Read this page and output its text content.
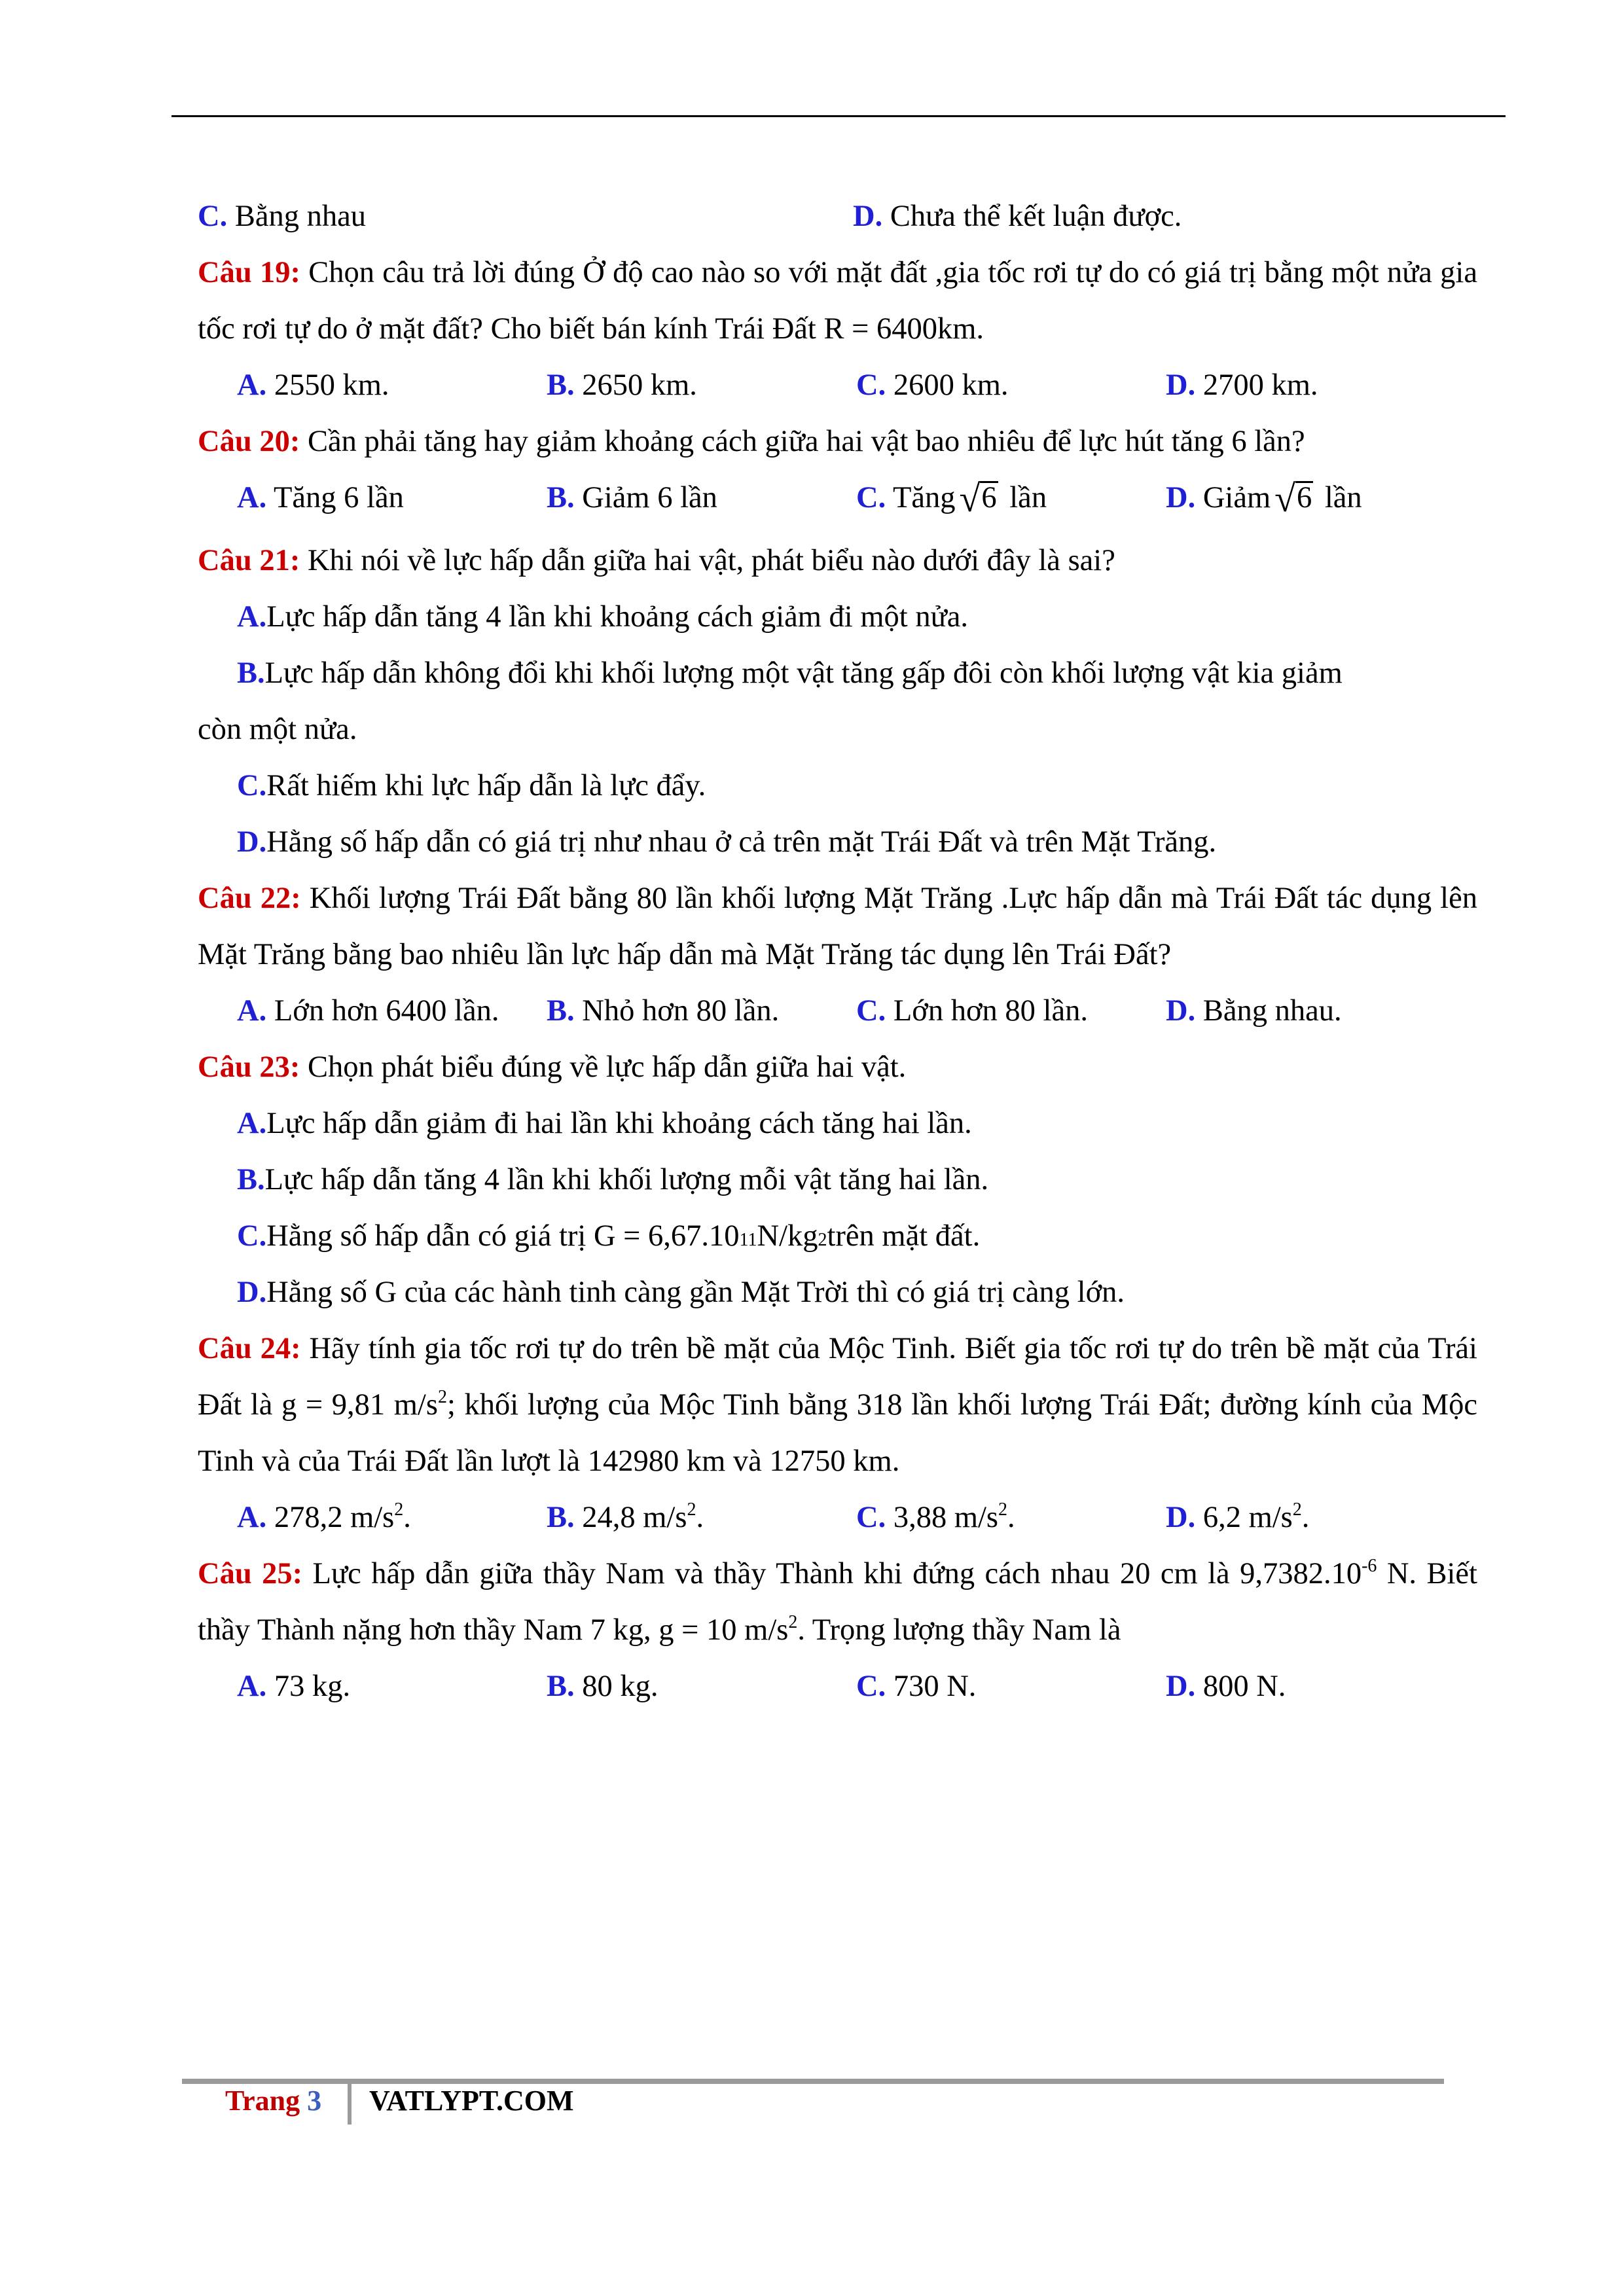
C. Bằng nhau	D. Chưa thể kết luận được.
Câu 19: Chọn câu trả lời đúng Ở độ cao nào so với mặt đất ,gia tốc rơi tự do có giá trị bằng một nửa gia tốc rơi tự do ở mặt đất? Cho biết bán kính Trái Đất R = 6400km.
A. 2550 km.	B. 2650 km.	C. 2600 km.	D. 2700 km.
Câu 20: Cần phải tăng hay giảm khoảng cách giữa hai vật bao nhiêu để lực hút tăng 6 lần?
A. Tăng 6 lần	B. Giảm 6 lần	C. Tăng √6 lần	D. Giảm √6 lần
Câu 21: Khi nói về lực hấp dẫn giữa hai vật, phát biểu nào dưới đây là sai?
A. Lực hấp dẫn tăng 4 lần khi khoảng cách giảm đi một nửa.
B. Lực hấp dẫn không đổi khi khối lượng một vật tăng gấp đôi còn khối lượng vật kia giảm
còn một nửa.
C. Rất hiếm khi lực hấp dẫn là lực đẩy.
D. Hằng số hấp dẫn có giá trị như nhau ở cả trên mặt Trái Đất và trên Mặt Trăng.
Câu 22: Khối lượng Trái Đất bằng 80 lần khối lượng Mặt Trăng .Lực hấp dẫn mà Trái Đất tác dụng lên Mặt Trăng bằng bao nhiêu lần lực hấp dẫn mà Mặt Trăng tác dụng lên Trái Đất?
A. Lớn hơn 6400 lần.	B. Nhỏ hơn 80 lần.	C. Lớn hơn 80 lần.	D. Bằng nhau.
Câu 23: Chọn phát biểu đúng về lực hấp dẫn giữa hai vật.
A. Lực hấp dẫn giảm đi hai lần khi khoảng cách tăng hai lần.
B. Lực hấp dẫn tăng 4 lần khi khối lượng mỗi vật tăng hai lần.
C. Hằng số hấp dẫn có giá trị G = 6,67.10 11 N/kg 2 trên mặt đất.
D. Hằng số G của các hành tinh càng gần Mặt Trời thì có giá trị càng lớn.
Câu 24: Hãy tính gia tốc rơi tự do trên bề mặt của Mộc Tinh. Biết gia tốc rơi tự do trên bề mặt của Trái Đất là g = 9,81 $m/s^2$; khối lượng của Mộc Tinh bằng 318 lần khối lượng Trái Đất; đường kính của Mộc Tinh và của Trái Đất lần lượt là 142980 km và 12750 km.
A. 278,2 $m/s^2$.	B. 24,8 $m/s^2$.	C. 3,88 $m/s^2$.	D. 6,2 $m/s^2$.
Câu 25: Lực hấp dẫn giữa thầy Nam và thầy Thành khi đứng cách nhau 20 cm là $9,7382.10^{-6}$ N. Biết thầy Thành nặng hơn thầy Nam 7 kg, g = 10 $m/s^2$. Trọng lượng thầy Nam là
A. 73 kg.	B. 80 kg.	C. 730 N.	D. 800 N.
Trang 3 VATLYPT.COM
